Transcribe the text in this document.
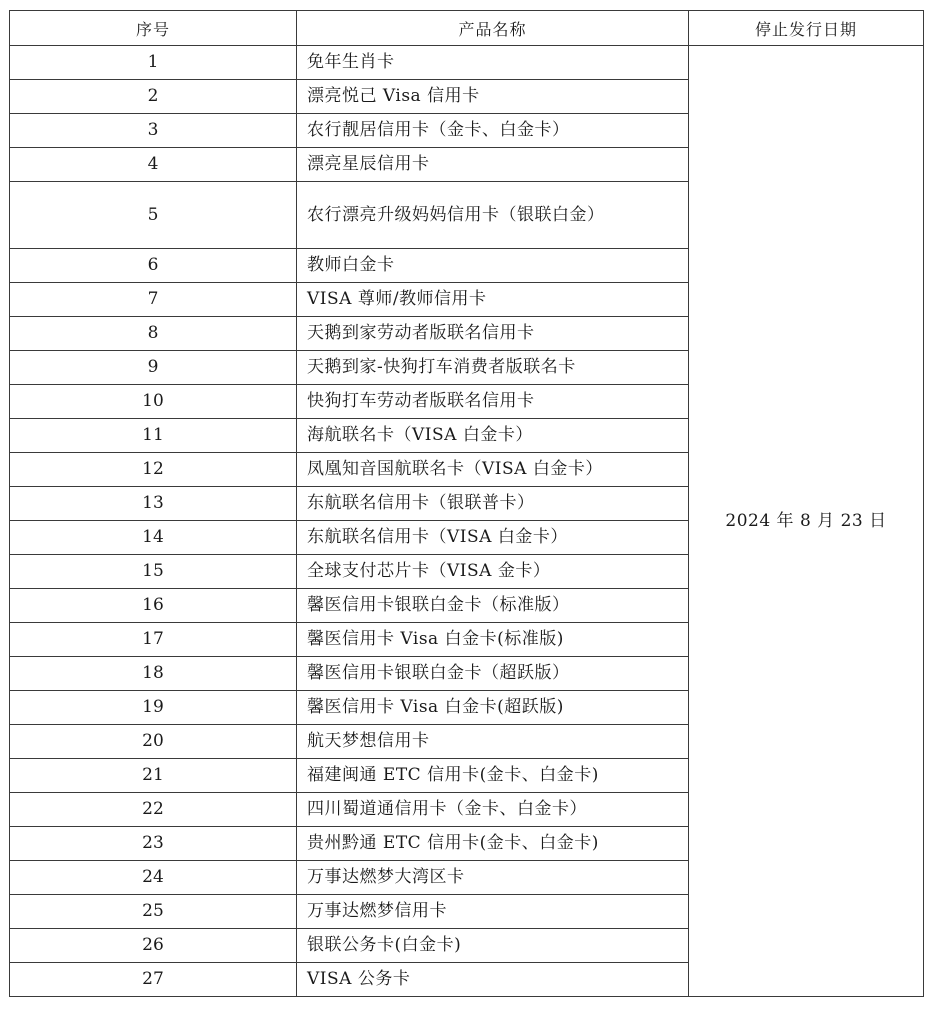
序号	产品名称	停止发行日期
1	免年生肖卡	2024 年 8 月 23 日
2	漂亮悦己 Visa 信用卡	
3	农行靓居信用卡（金卡、白金卡）	
4	漂亮星辰信用卡	
5	农行漂亮升级妈妈信用卡（银联白金）	
6	教师白金卡	
7	VISA 尊师/教师信用卡	
8	天鹅到家劳动者版联名信用卡	
9	天鹅到家-快狗打车消费者版联名卡	
10	快狗打车劳动者版联名信用卡	
11	海航联名卡（VISA 白金卡）	
12	凤凰知音国航联名卡（VISA 白金卡）	
13	东航联名信用卡（银联普卡）	
14	东航联名信用卡（VISA 白金卡）	
15	全球支付芯片卡（VISA 金卡）	
16	馨医信用卡银联白金卡（标准版）	
17	馨医信用卡 Visa 白金卡(标准版)	
18	馨医信用卡银联白金卡（超跃版）	
19	馨医信用卡 Visa 白金卡(超跃版)	
20	航天梦想信用卡	
21	福建闽通 ETC 信用卡(金卡、白金卡)	
22	四川蜀道通信用卡（金卡、白金卡）	
23	贵州黔通 ETC 信用卡(金卡、白金卡)	
24	万事达燃梦大湾区卡	
25	万事达燃梦信用卡	
26	银联公务卡(白金卡)	
27	VISA 公务卡	
